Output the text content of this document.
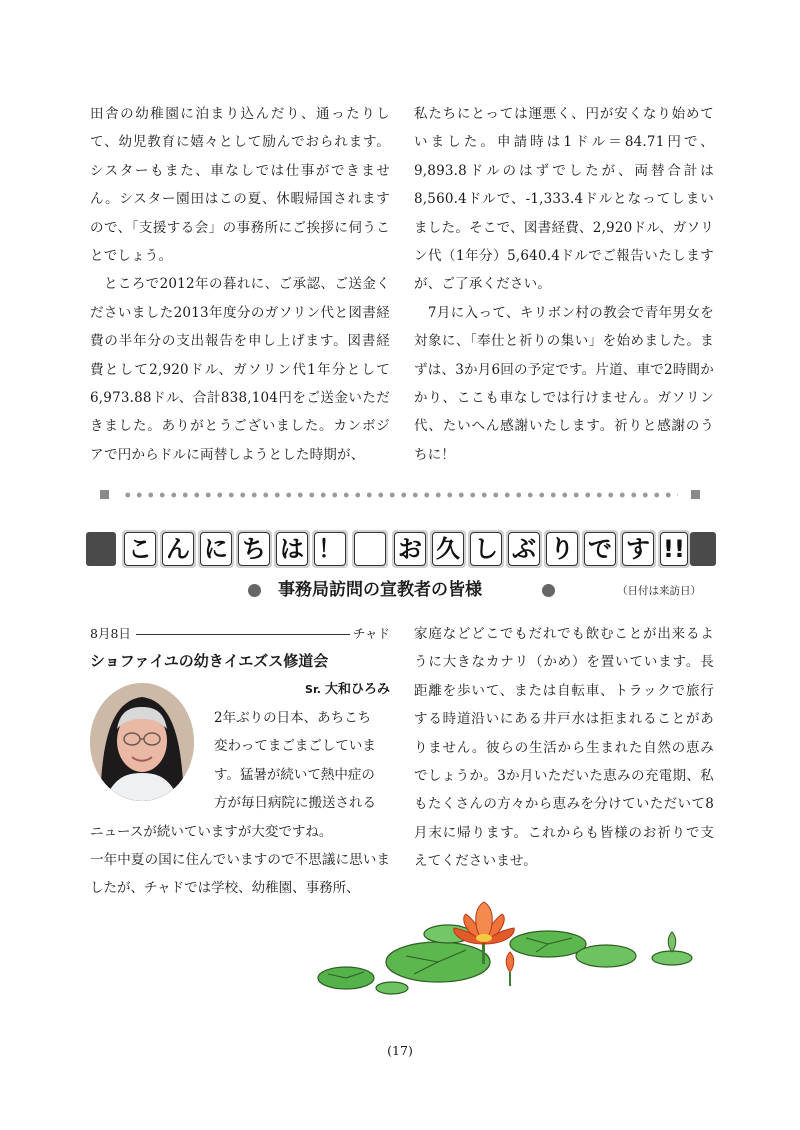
田舎の幼稚園に泊まり込んだり、通ったりして、幼児教育に嬉々として励んでおられます。シスターもまた、車なしでは仕事ができません。シスター園田はこの夏、休暇帰国されますので、「支援する会」の事務所にご挨拶に伺うことでしょう。

　ところで2012年の暮れに、ご承認、ご送金くださいました2013年度分のガソリン代と図書経費の半年分の支出報告を申し上げます。図書経費として2,920ドル、ガソリン代1年分として6,973.88ドル、合計838,104円をご送金いただきました。ありがとうございました。カンボジアで円からドルに両替しようとした時期が、

私たちにとっては運悪く、円が安くなり始めていました。申請時は1ドル＝84.71円で、9,893.8ドルのはずでしたが、両替合計は8,560.4ドルで、-1,333.4ドルとなってしまいました。そこで、図書経費、2,920ドル、ガソリン代（1年分）5,640.4ドルでご報告いたしますが、ご了承ください。

　7月に入って、キリボン村の教会で青年男女を対象に、「奉仕と祈りの集い」を始めました。まずは、3か月6回の予定です。片道、車で2時間かかり、ここも車なしでは行けません。ガソリン代、たいへん感謝いたします。祈りと感謝のうちに！

こ ん に ち は ！ お 久 し ぶ り で す !!
事務局訪問の宣教者の皆様	（日付は来訪日）
8月8日	チャド
ショファイユの幼きイエズス修道会
Sr. 大和ひろみ

2年ぶりの日本、あちこち

変わってまごまごしていま

す。猛暑が続いて熱中症の

方が毎日病院に搬送される

ニュースが続いていますが大変ですね。

一年中夏の国に住んでいますので不思議に思いましたが、チャドでは学校、幼稚園、事務所、

家庭などどこでもだれでも飲むことが出来るように大きなカナリ（かめ）を置いています。長距離を歩いて、または自転車、トラックで旅行する時道沿いにある井戸水は拒まれることがありません。彼らの生活から生まれた自然の恵みでしょうか。3か月いただいた恵みの充電期、私もたくさんの方々から恵みを分けていただいて8月末に帰ります。これからも皆様のお祈りで支えてくださいませ。

(17)
